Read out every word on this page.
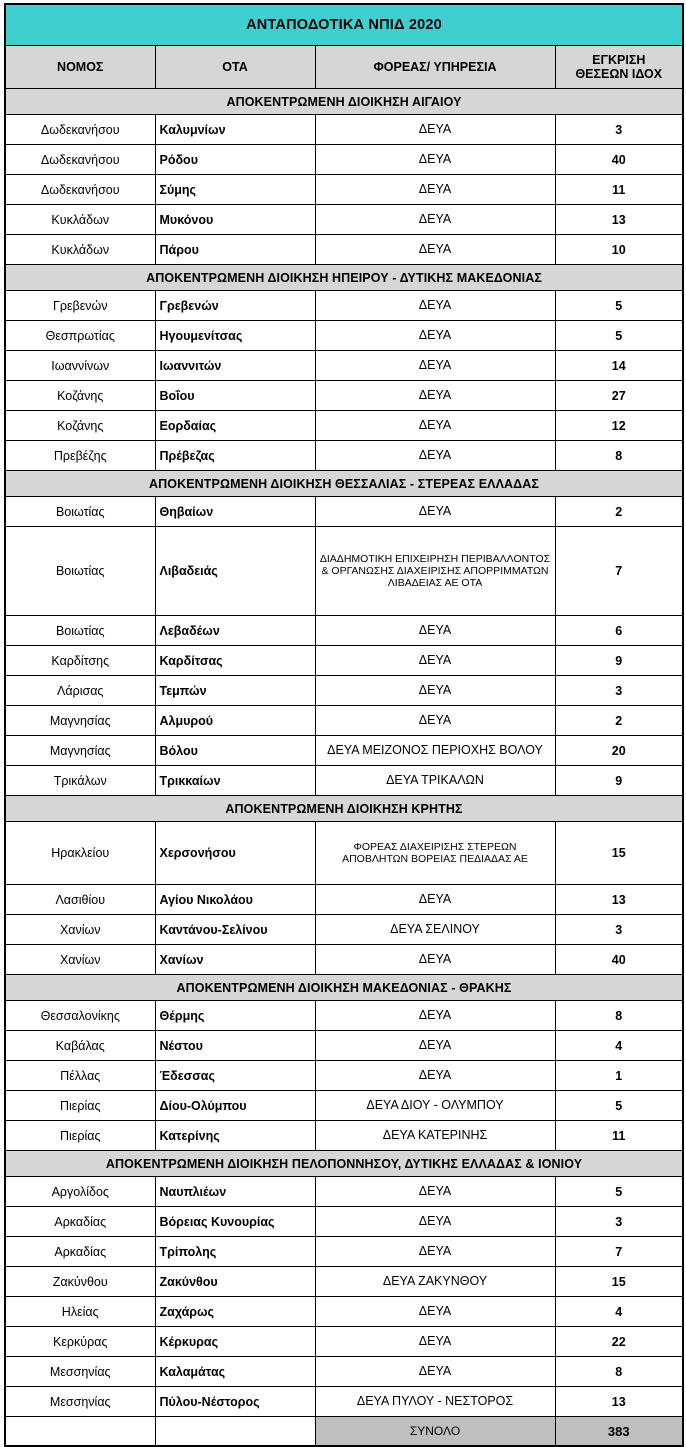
ΑΝΤΑΠΟΔΟΤΙΚΑ ΝΠΙΔ 2020			
ΝΟΜΟΣ	ΟΤΑ	ΦΟΡΕΑΣ/ ΥΠΗΡΕΣΙΑ	ΕΓΚΡΙΣΗ
ΘΕΣΕΩΝ ΙΔΟΧ
ΑΠΟΚΕΝΤΡΩΜΕΝΗ ΔΙΟΙΚΗΣΗ ΑΙΓΑΙΟΥ			
Δωδεκανήσου	Καλυμνίων	ΔΕΥΑ	3
Δωδεκανήσου	Ρόδου	ΔΕΥΑ	40
Δωδεκανήσου	Σύμης	ΔΕΥΑ	11
Κυκλάδων	Μυκόνου	ΔΕΥΑ	13
Κυκλάδων	Πάρου	ΔΕΥΑ	10
ΑΠΟΚΕΝΤΡΩΜΕΝΗ ΔΙΟΙΚΗΣΗ ΗΠΕΙΡΟΥ - ΔΥΤΙΚΗΣ ΜΑΚΕΔΟΝΙΑΣ			
Γρεβενών	Γρεβενών	ΔΕΥΑ	5
Θεσπρωτίας	Ηγουμενίτσας	ΔΕΥΑ	5
Ιωαννίνων	Ιωαννιτών	ΔΕΥΑ	14
Κοζάνης	Βοΐου	ΔΕΥΑ	27
Κοζάνης	Εορδαίας	ΔΕΥΑ	12
Πρεβέζης	Πρέβεζας	ΔΕΥΑ	8
ΑΠΟΚΕΝΤΡΩΜΕΝΗ ΔΙΟΙΚΗΣΗ ΘΕΣΣΑΛΙΑΣ - ΣΤΕΡΕΑΣ ΕΛΛΑΔΑΣ			
Βοιωτίας	Θηβαίων	ΔΕΥΑ	2
Βοιωτίας	Λιβαδειάς	ΔΙΑΔΗΜΟΤΙΚΗ ΕΠΙΧΕΙΡΗΣΗ ΠΕΡΙΒΑΛΛΟΝΤΟΣ & ΟΡΓΑΝΩΣΗΣ ΔΙΑΧΕΙΡΙΣΗΣ ΑΠΟΡΡΙΜΜΑΤΩΝ ΛΙΒΑΔΕΙΑΣ ΑΕ ΟΤΑ	7
Βοιωτίας	Λεβαδέων	ΔΕΥΑ	6
Καρδίτσης	Καρδίτσας	ΔΕΥΑ	9
Λάρισας	Τεμπών	ΔΕΥΑ	3
Μαγνησίας	Αλμυρού	ΔΕΥΑ	2
Μαγνησίας	Βόλου	ΔΕΥΑ ΜΕΙΖΟΝΟΣ ΠΕΡΙΟΧΗΣ ΒΟΛΟΥ	20
Τρικάλων	Τρικκαίων	ΔΕΥΑ ΤΡΙΚΑΛΩΝ	9
ΑΠΟΚΕΝΤΡΩΜΕΝΗ ΔΙΟΙΚΗΣΗ ΚΡΗΤΗΣ			
Ηρακλείου	Χερσονήσου	ΦΟΡΕΑΣ ΔΙΑΧΕΙΡΙΣΗΣ ΣΤΕΡΕΩΝ ΑΠΟΒΛΗΤΩΝ ΒΟΡΕΙΑΣ ΠΕΔΙΑΔΑΣ ΑΕ	15
Λασιθίου	Αγίου Νικολάου	ΔΕΥΑ	13
Χανίων	Καντάνου-Σελίνου	ΔΕΥΑ ΣΕΛΙΝΟΥ	3
Χανίων	Χανίων	ΔΕΥΑ	40
ΑΠΟΚΕΝΤΡΩΜΕΝΗ ΔΙΟΙΚΗΣΗ ΜΑΚΕΔΟΝΙΑΣ - ΘΡΑΚΗΣ			
Θεσσαλονίκης	Θέρμης	ΔΕΥΑ	8
Καβάλας	Νέστου	ΔΕΥΑ	4
Πέλλας	Έδεσσας	ΔΕΥΑ	1
Πιερίας	Δίου-Ολύμπου	ΔΕΥΑ ΔΙΟΥ - ΟΛΥΜΠΟΥ	5
Πιερίας	Κατερίνης	ΔΕΥΑ ΚΑΤΕΡΙΝΗΣ	11
ΑΠΟΚΕΝΤΡΩΜΕΝΗ ΔΙΟΙΚΗΣΗ ΠΕΛΟΠΟΝΝΗΣΟΥ, ΔΥΤΙΚΗΣ ΕΛΛΑΔΑΣ & ΙΟΝΙΟΥ			
Αργολίδος	Ναυπλιέων	ΔΕΥΑ	5
Αρκαδίας	Βόρειας Κυνουρίας	ΔΕΥΑ	3
Αρκαδίας	Τρίπολης	ΔΕΥΑ	7
Ζακύνθου	Ζακύνθου	ΔΕΥΑ ΖΑΚΥΝΘΟΥ	15
Ηλείας	Ζαχάρως	ΔΕΥΑ	4
Κερκύρας	Κέρκυρας	ΔΕΥΑ	22
Μεσσηνίας	Καλαμάτας	ΔΕΥΑ	8
Μεσσηνίας	Πύλου-Νέστορος	ΔΕΥΑ ΠΥΛΟΥ - ΝΕΣΤΟΡΟΣ	13
		ΣΥΝΟΛΟ	383
